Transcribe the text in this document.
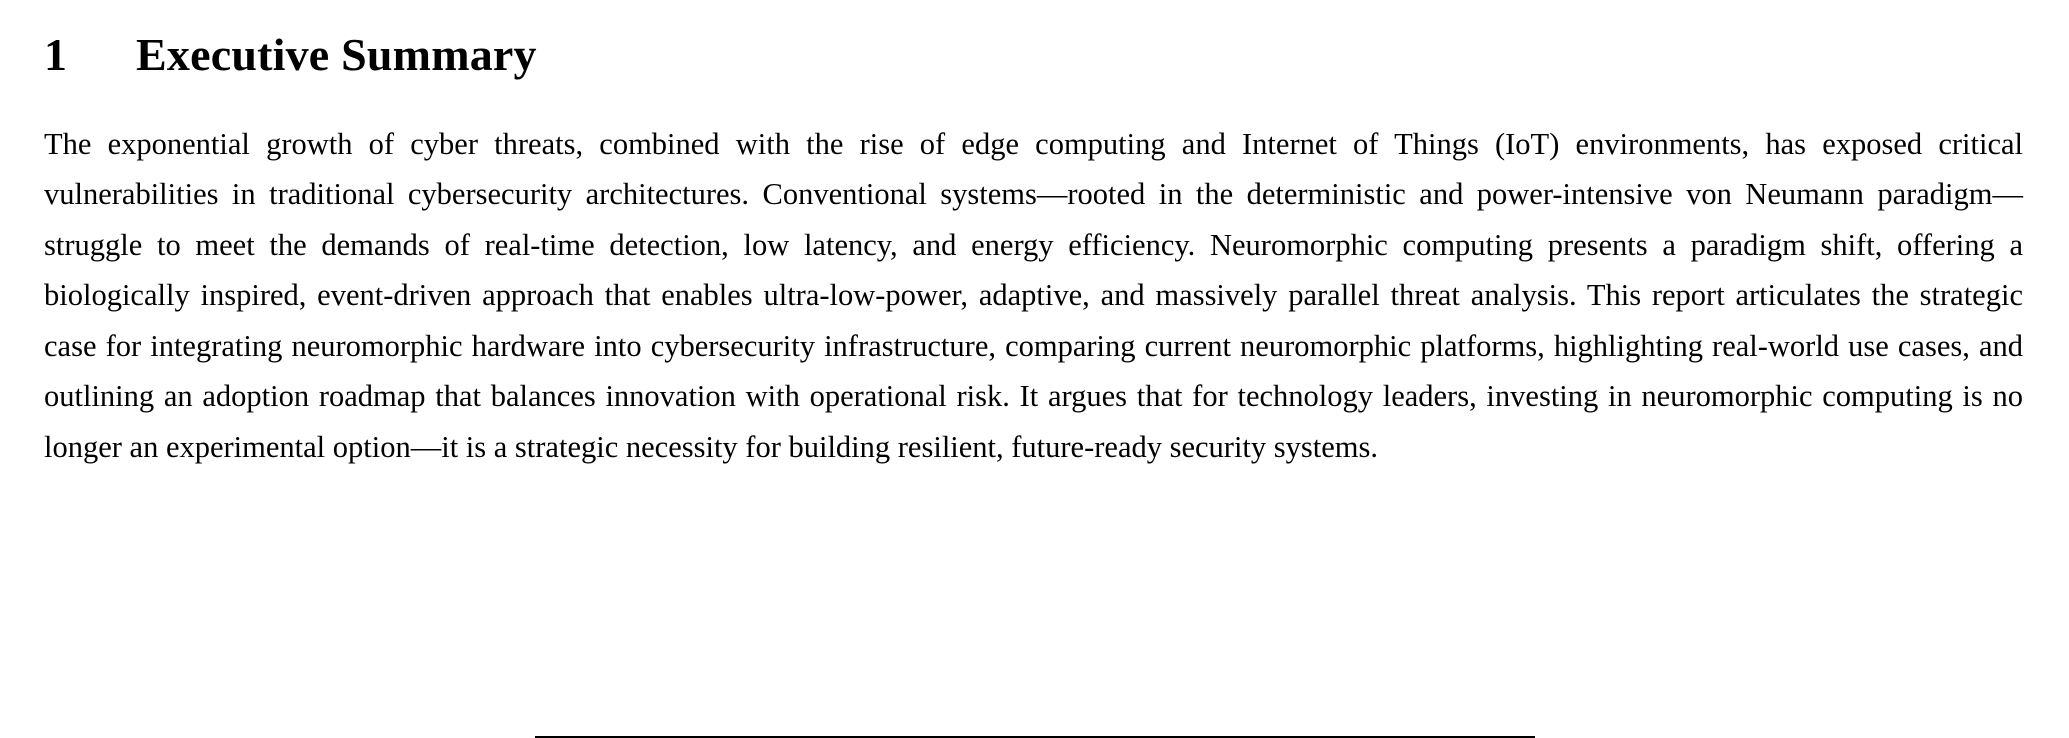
1	Executive Summary

The exponential growth of cyber threats, combined with the rise of edge computing and Internet of Things (IoT) environments, has exposed critical vulnerabilities in traditional cybersecurity architectures. Conventional systems—rooted in the deterministic and power-intensive von Neumann paradigm—struggle to meet the demands of real-time detection, low latency, and energy efficiency. Neuromorphic computing presents a paradigm shift, offering a biologically inspired, event-driven approach that enables ultra-low-power, adaptive, and massively parallel threat analysis. This report articulates the strategic case for integrating neuromorphic hardware into cybersecurity infrastructure, comparing current neuromorphic platforms, highlighting real-world use cases, and outlining an adoption roadmap that balances innovation with operational risk. It argues that for technology leaders, investing in neuromorphic computing is no longer an experimental option—it is a strategic necessity for building resilient, future-ready security systems.
